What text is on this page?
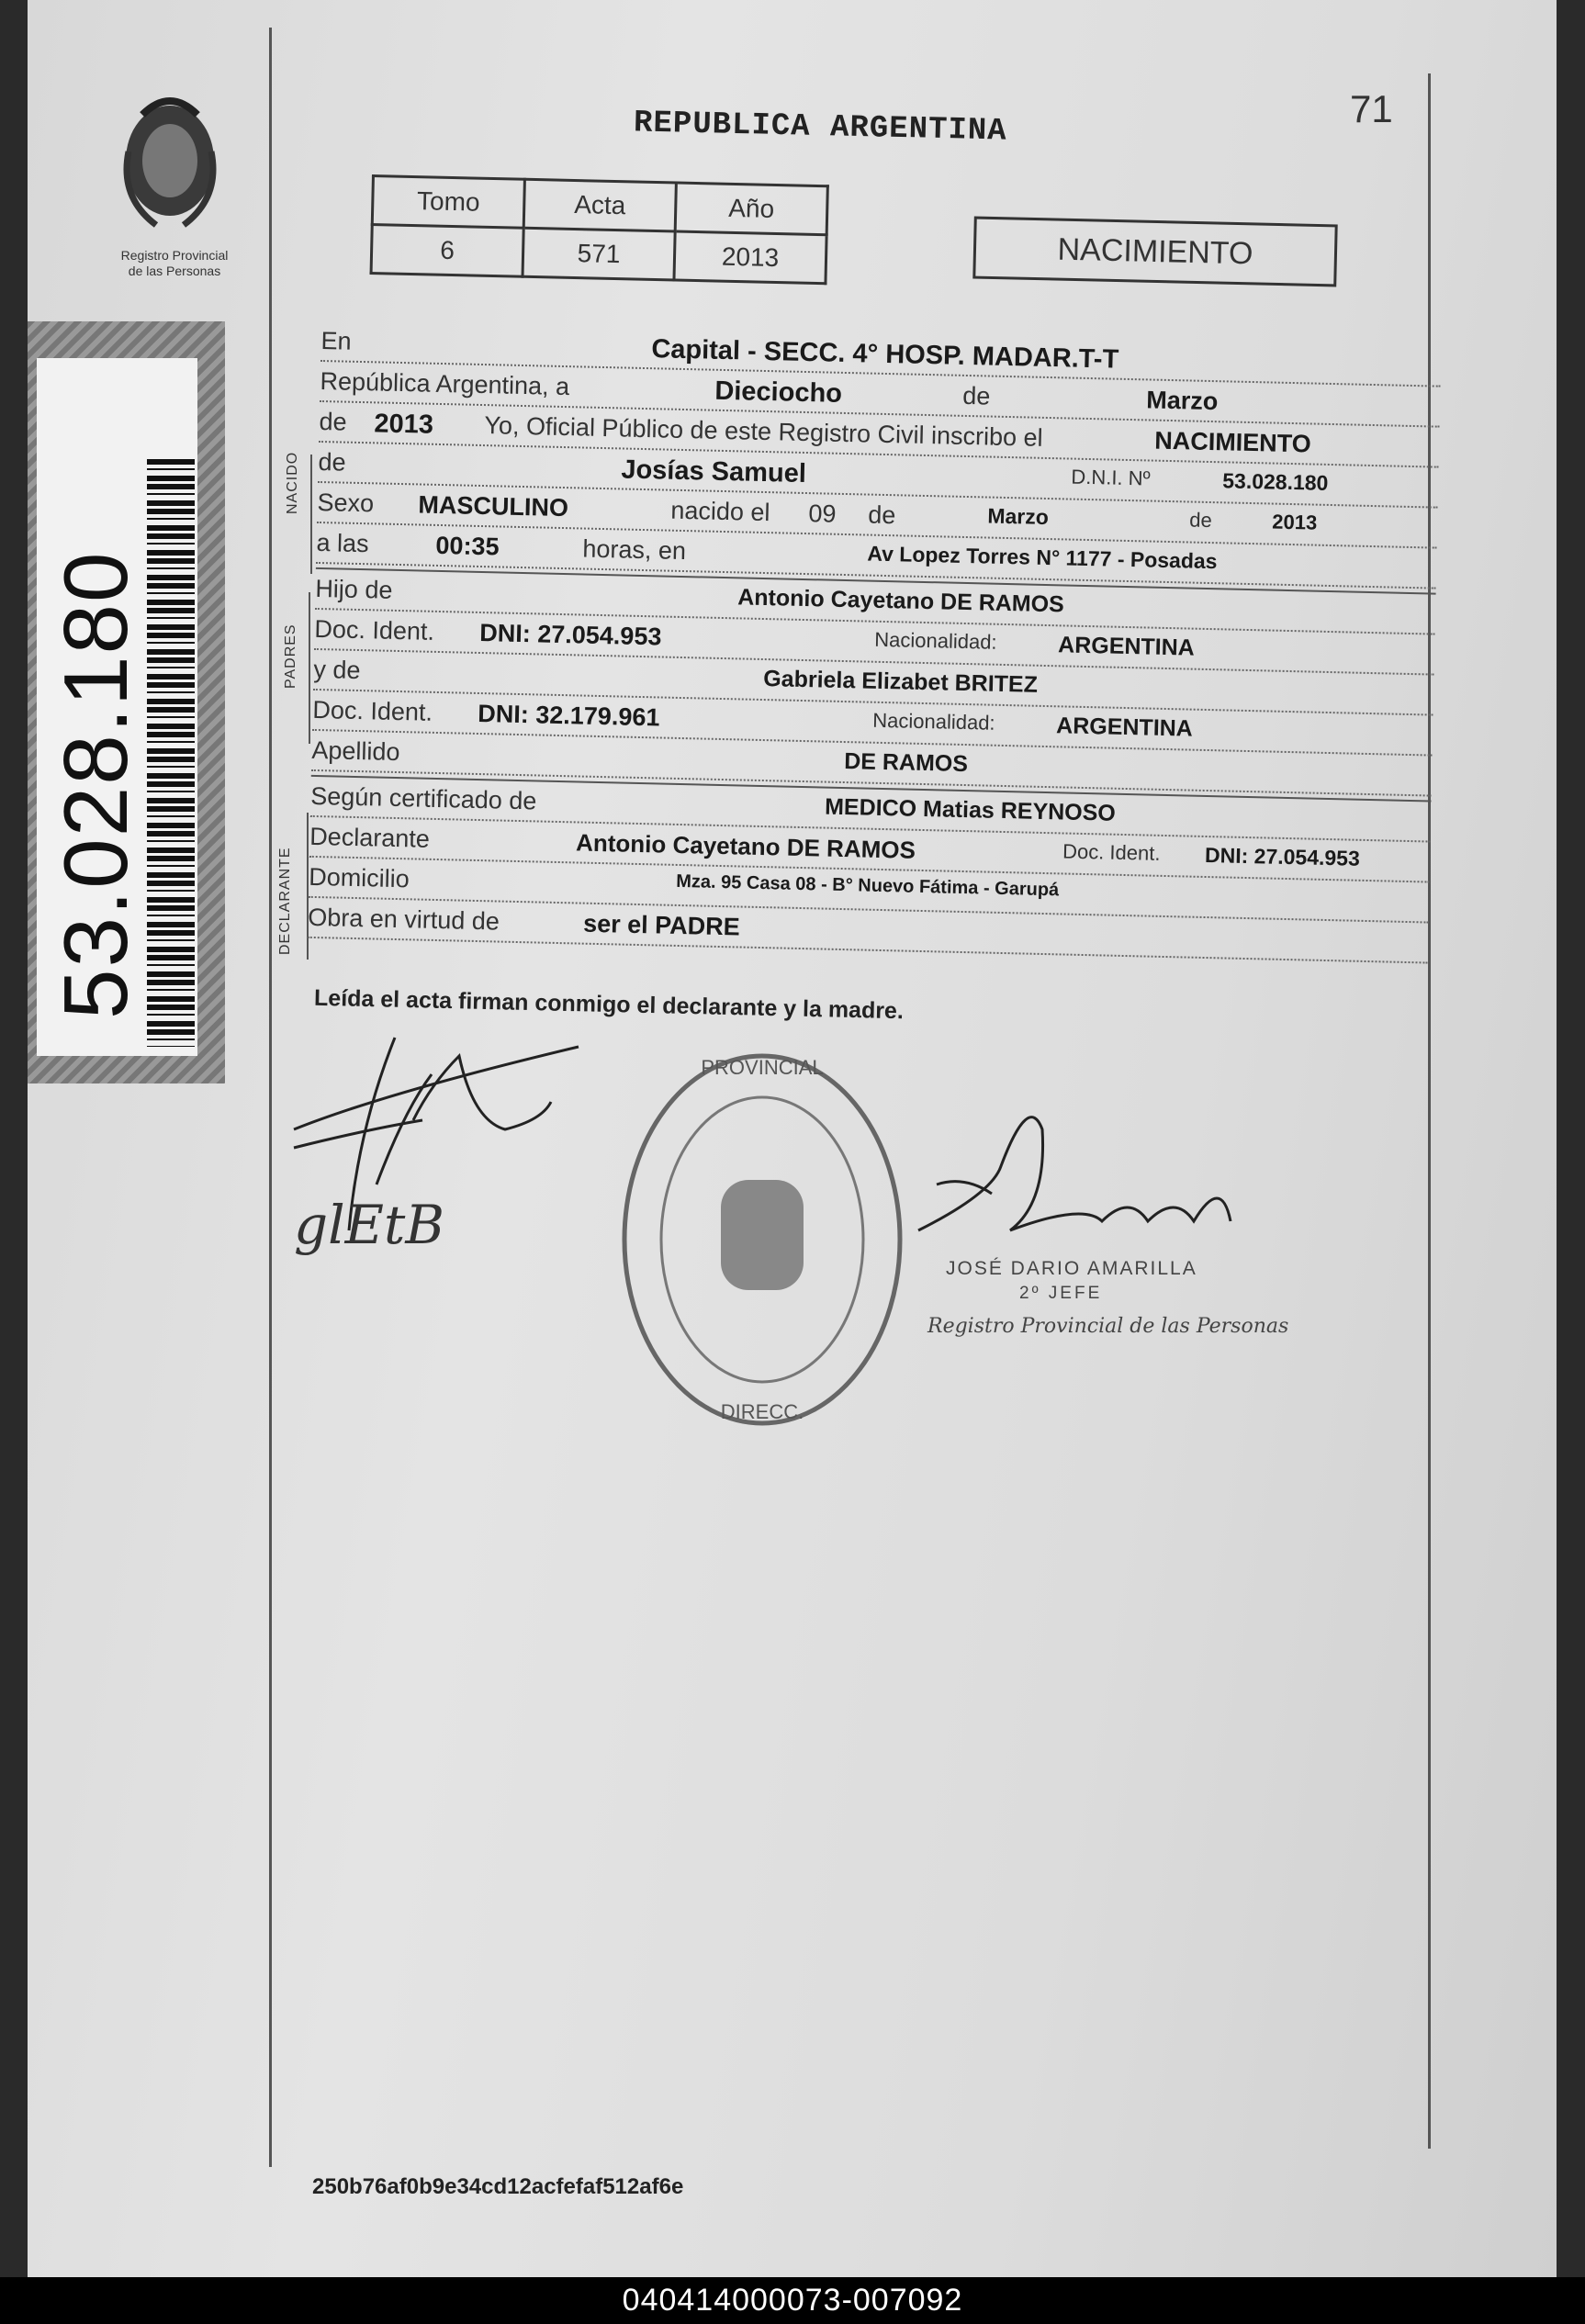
Registro Provincial
de las Personas
53.028.180
REPUBLICA ARGENTINA	71
Tomo	Acta	Año
6	571	2013	NACIMIENTO
NACIDO
PADRES
DECLARANTE
En	Capital - SECC. 4° HOSP. MADAR.T-T
República Argentina, a	Dieciocho	de	Marzo
de 2013 Yo, Oficial Público de este Registro Civil inscribo el	NACIMIENTO
de	Josías Samuel	D.N.I. Nº	53.028.180
Sexo MASCULINO	nacido el 09 de	Marzo	de	2013
a las	00:35	horas, en	Av Lopez Torres N° 1177 - Posadas
Hijo de	Antonio Cayetano DE RAMOS
Doc. Ident. DNI: 27.054.953	Nacionalidad:	ARGENTINA
y de	Gabriela Elizabet BRITEZ
Doc. Ident. DNI: 32.179.961	Nacionalidad:	ARGENTINA
Apellido	DE RAMOS
Según certificado de	MEDICO Matias REYNOSO
Declarante	Antonio Cayetano DE RAMOS	Doc. Ident. DNI: 27.054.953
Domicilio	Mza. 95 Casa 08 - B° Nuevo Fátima - Garupá
Obra en virtud de	ser el PADRE
Leída el acta firman conmigo el declarante y la madre.
glEtB
PROVINCIAL
DIRECC.
JOSÉ DARIO AMARILLA
2º JEFE
Registro Provincial de las Personas
250b76af0b9e34cd12acfefaf512af6e
040414000073-007092
